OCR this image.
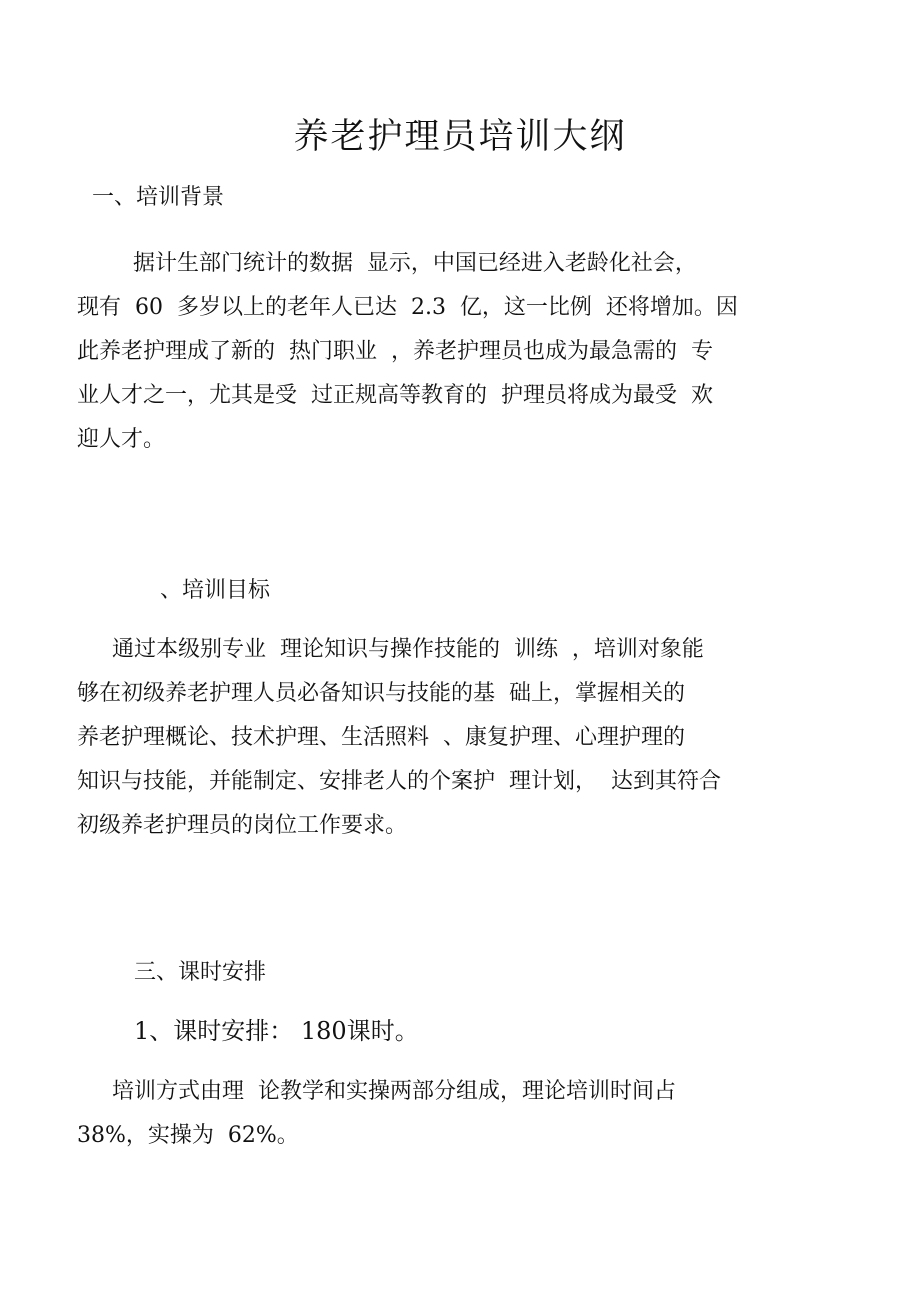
养老护理员培训大纲
一、培训背景
据计生部门统计的数据  显示，中国已经进入老龄化社会，
现有  60  多岁以上的老年人已达  2.3  亿，这一比例  还将增加。因
此养老护理成了新的  热门职业  ，养老护理员也成为最急需的  专
业人才之一，尤其是受  过正规高等教育的  护理员将成为最受  欢
迎人才。
、培训目标
通过本级别专业  理论知识与操作技能的  训练  ，培训对象能
够在初级养老护理人员必备知识与技能的基  础上，掌握相关的
养老护理概论、技术护理、生活照料  、康复护理、心理护理的
知识与技能，并能制定、安排老人的个案护  理计划，  达到其符合
初级养老护理员的岗位工作要求。
三、课时安排

1、课时安排： 180课时。

培训方式由理  论教学和实操两部分组成，理论培训时间占
38%，实操为  62%。
